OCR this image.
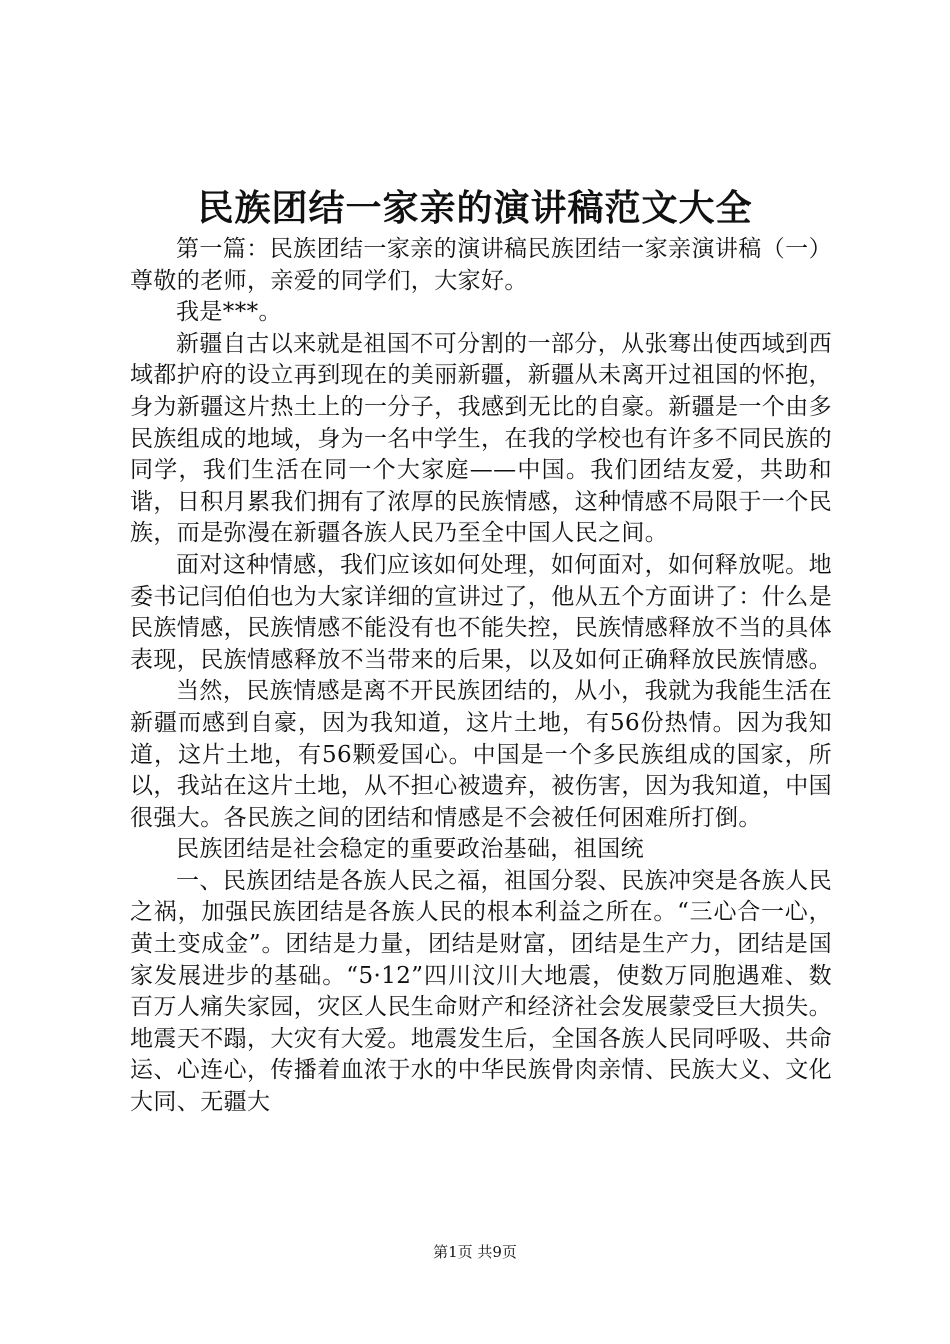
民族团结一家亲的演讲稿范文大全

第一篇：民族团结一家亲的演讲稿民族团结一家亲演讲稿（一）尊敬的老师，亲爱的同学们，大家好。

我是***。

新疆自古以来就是祖国不可分割的一部分，从张骞出使西域到西域都护府的设立再到现在的美丽新疆，新疆从未离开过祖国的怀抱，身为新疆这片热土上的一分子，我感到无比的自豪。新疆是一个由多民族组成的地域，身为一名中学生，在我的学校也有许多不同民族的同学，我们生活在同一个大家庭——中国。我们团结友爱，共助和谐，日积月累我们拥有了浓厚的民族情感，这种情感不局限于一个民族，而是弥漫在新疆各族人民乃至全中国人民之间。

面对这种情感，我们应该如何处理，如何面对，如何释放呢。地委书记闫伯伯也为大家详细的宣讲过了，他从五个方面讲了：什么是民族情感，民族情感不能没有也不能失控，民族情感释放不当的具体表现，民族情感释放不当带来的后果，以及如何正确释放民族情感。

当然，民族情感是离不开民族团结的，从小，我就为我能生活在新疆而感到自豪，因为我知道，这片土地，有56份热情。因为我知道，这片土地，有56颗爱国心。中国是一个多民族组成的国家，所以，我站在这片土地，从不担心被遗弃，被伤害，因为我知道，中国很强大。各民族之间的团结和情感是不会被任何困难所打倒。

民族团结是社会稳定的重要政治基础，祖国统

一、民族团结是各族人民之福，祖国分裂、民族冲突是各族人民之祸，加强民族团结是各族人民的根本利益之所在。“三心合一心，黄土变成金”。团结是力量，团结是财富，团结是生产力，团结是国家发展进步的基础。“5·12”四川汶川大地震，使数万同胞遇难、数百万人痛失家园，灾区人民生命财产和经济社会发展蒙受巨大损失。地震天不蹋，大灾有大爱。地震发生后，全国各族人民同呼吸、共命运、心连心，传播着血浓于水的中华民族骨肉亲情、民族大义、文化大同、无疆大

第1页 共9页
